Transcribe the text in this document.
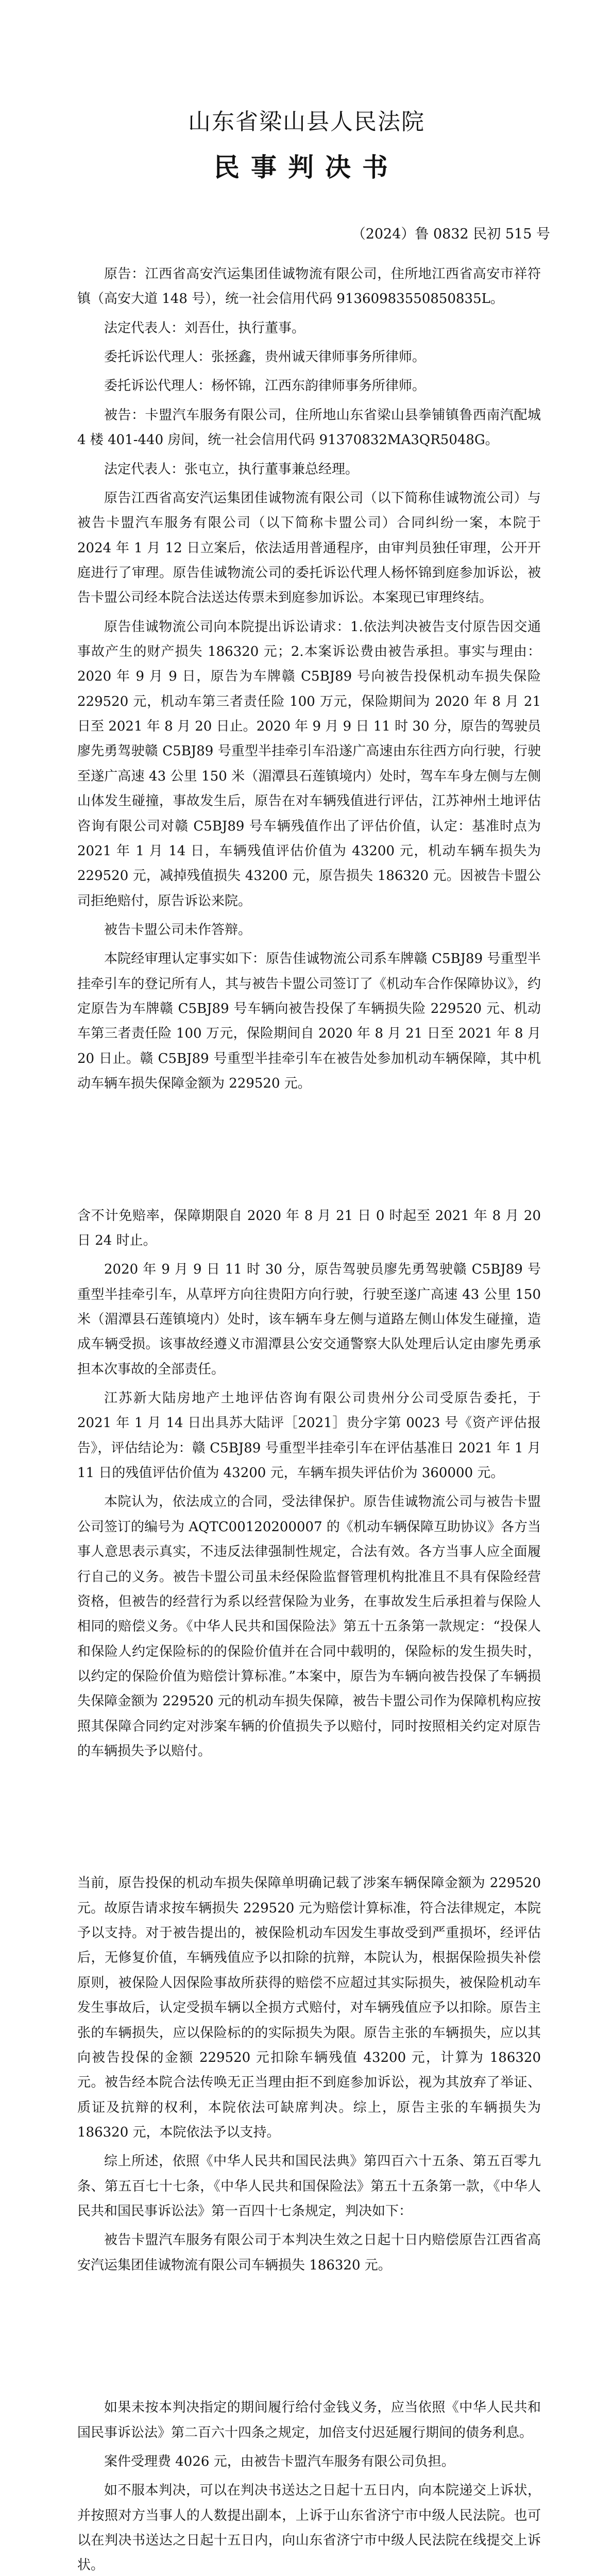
山东省梁山县人民法院
民事判决书
（2024）鲁 0832 民初 515 号

原告：江西省高安汽运集团佳诚物流有限公司，住所地江西省高安市祥符镇（高安大道 148 号），统一社会信用代码 91360983550850835L。

法定代表人：刘吾仕，执行董事。

委托诉讼代理人：张拯鑫，贵州诚天律师事务所律师。

委托诉讼代理人：杨怀锦，江西东韵律师事务所律师。

被告：卡盟汽车服务有限公司，住所地山东省梁山县拳铺镇鲁西南汽配城 4 楼 401-440 房间，统一社会信用代码 91370832MA3QR5048G。

法定代表人：张屯立，执行董事兼总经理。

原告江西省高安汽运集团佳诚物流有限公司（以下简称佳诚物流公司）与被告卡盟汽车服务有限公司（以下简称卡盟公司）合同纠纷一案，本院于 2024 年 1 月 12 日立案后，依法适用普通程序，由审判员独任审理，公开开庭进行了审理。原告佳诚物流公司的委托诉讼代理人杨怀锦到庭参加诉讼，被告卡盟公司经本院合法送达传票未到庭参加诉讼。本案现已审理终结。

原告佳诚物流公司向本院提出诉讼请求：1.依法判决被告支付原告因交通事故产生的财产损失 186320 元；2.本案诉讼费由被告承担。事实与理由：2020 年 9 月 9 日，原告为车牌赣 C5BJ89 号向被告投保机动车损失保险 229520 元，机动车第三者责任险 100 万元，保险期间为 2020 年 8 月 21 日至 2021 年 8 月 20 日止。2020 年 9 月 9 日 11 时 30 分，原告的驾驶员廖先勇驾驶赣 C5BJ89 号重型半挂牵引车沿遂广高速由东往西方向行驶，行驶至遂广高速 43 公里 150 米（湄潭县石莲镇境内）处时，驾车车身左侧与左侧山体发生碰撞，事故发生后，原告在对车辆残值进行评估，江苏神州土地评估咨询有限公司对赣 C5BJ89 号车辆残值作出了评估价值，认定：基准时点为 2021 年 1 月 14 日，车辆残值评估价值为 43200 元，机动车辆车损失为 229520 元，减掉残值损失 43200 元，原告损失 186320 元。因被告卡盟公司拒绝赔付，原告诉讼来院。

被告卡盟公司未作答辩。

本院经审理认定事实如下：原告佳诚物流公司系车牌赣 C5BJ89 号重型半挂牵引车的登记所有人，其与被告卡盟公司签订了《机动车合作保障协议》，约定原告为车牌赣 C5BJ89 号车辆向被告投保了车辆损失险 229520 元、机动车第三者责任险 100 万元，保险期间自 2020 年 8 月 21 日至 2021 年 8 月 20 日止。赣 C5BJ89 号重型半挂牵引车在被告处参加机动车辆保障，其中机动车辆车损失保障金额为 229520 元。

含不计免赔率，保障期限自 2020 年 8 月 21 日 0 时起至 2021 年 8 月 20 日 24 时止。

2020 年 9 月 9 日 11 时 30 分，原告驾驶员廖先勇驾驶赣 C5BJ89 号重型半挂牵引车，从草坪方向往贵阳方向行驶，行驶至遂广高速 43 公里 150 米（湄潭县石莲镇境内）处时，该车辆车身左侧与道路左侧山体发生碰撞，造成车辆受损。该事故经遵义市湄潭县公安交通警察大队处理后认定由廖先勇承担本次事故的全部责任。

江苏新大陆房地产土地评估咨询有限公司贵州分公司受原告委托，于 2021 年 1 月 14 日出具苏大陆评［2021］贵分字第 0023 号《资产评估报告》，评估结论为：赣 C5BJ89 号重型半挂牵引车在评估基准日 2021 年 1 月 11 日的残值评估价值为 43200 元，车辆车损失评估价为 360000 元。

本院认为，依法成立的合同，受法律保护。原告佳诚物流公司与被告卡盟公司签订的编号为 AQTC00120200007 的《机动车辆保障互助协议》各方当事人意思表示真实，不违反法律强制性规定，合法有效。各方当事人应全面履行自己的义务。被告卡盟公司虽未经保险监督管理机构批准且不具有保险经营资格，但被告的经营行为系以经营保险为业务，在事故发生后承担着与保险人相同的赔偿义务。《中华人民共和国保险法》第五十五条第一款规定：“投保人和保险人约定保险标的的保险价值并在合同中载明的，保险标的发生损失时，以约定的保险价值为赔偿计算标准。”本案中，原告为车辆向被告投保了车辆损失保障金额为 229520 元的机动车损失保障，被告卡盟公司作为保障机构应按照其保障合同约定对涉案车辆的价值损失予以赔付，同时按照相关约定对原告的车辆损失予以赔付。

当前，原告投保的机动车损失保障单明确记载了涉案车辆保障金额为 229520 元。故原告请求按车辆损失 229520 元为赔偿计算标准，符合法律规定，本院予以支持。对于被告提出的，被保险机动车因发生事故受到严重损坏，经评估后，无修复价值，车辆残值应予以扣除的抗辩，本院认为，根据保险损失补偿原则，被保险人因保险事故所获得的赔偿不应超过其实际损失，被保险机动车发生事故后，认定受损车辆以全损方式赔付，对车辆残值应予以扣除。原告主张的车辆损失，应以保险标的的实际损失为限。原告主张的车辆损失，应以其向被告投保的金额 229520 元扣除车辆残值 43200 元，计算为 186320 元。被告经本院合法传唤无正当理由拒不到庭参加诉讼，视为其放弃了举证、质证及抗辩的权利，本院依法可缺席判决。综上，原告主张的车辆损失为 186320 元，本院依法予以支持。

综上所述，依照《中华人民共和国民法典》第四百六十五条、第五百零九条、第五百七十七条，《中华人民共和国保险法》第五十五条第一款，《中华人民共和国民事诉讼法》第一百四十七条规定，判决如下：

被告卡盟汽车服务有限公司于本判决生效之日起十日内赔偿原告江西省高安汽运集团佳诚物流有限公司车辆损失 186320 元。

如果未按本判决指定的期间履行给付金钱义务，应当依照《中华人民共和国民事诉讼法》第二百六十四条之规定，加倍支付迟延履行期间的债务利息。

案件受理费 4026 元，由被告卡盟汽车服务有限公司负担。

如不服本判决，可以在判决书送达之日起十五日内，向本院递交上诉状，并按照对方当事人的人数提出副本，上诉于山东省济宁市中级人民法院。也可以在判决书送达之日起十五日内，向山东省济宁市中级人民法院在线提交上诉状。
